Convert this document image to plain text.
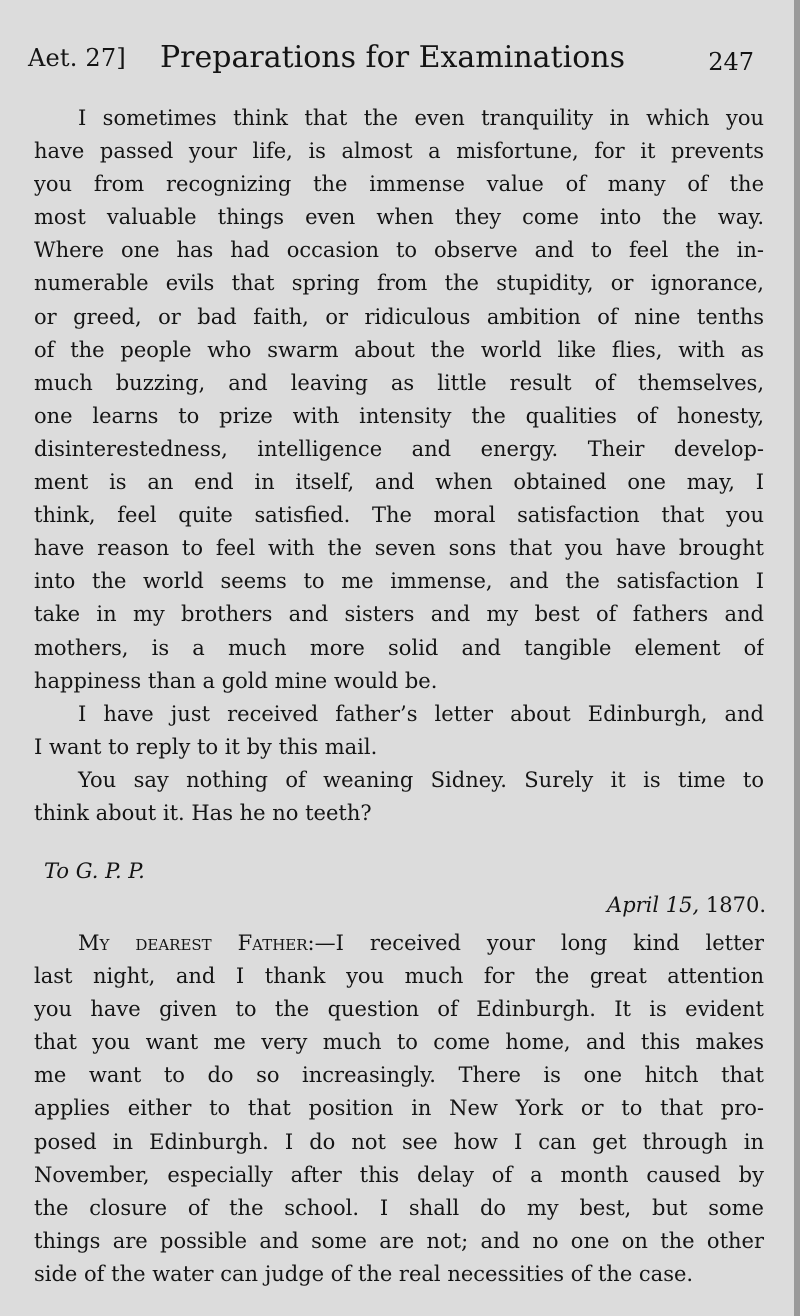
Aet. 27] Preparations for Examinations	247
I sometimes think that the even tranquility in which you
have passed your life, is almost a misfortune, for it prevents
you from recognizing the immense value of many of the
most valuable things even when they come into the way.
Where one has had occasion to observe and to feel the in-
numerable evils that spring from the stupidity, or ignorance,
or greed, or bad faith, or ridiculous ambition of nine tenths
of the people who swarm about the world like flies, with as
much buzzing, and leaving as little result of themselves,
one learns to prize with intensity the qualities of honesty,
disinterestedness, intelligence and energy. Their develop-
ment is an end in itself, and when obtained one may, I
think, feel quite satisfied. The moral satisfaction that you
have reason to feel with the seven sons that you have brought
into the world seems to me immense, and the satisfaction I
take in my brothers and sisters and my best of fathers and
mothers, is a much more solid and tangible element of
happiness than a gold mine would be.
I have just received father’s letter about Edinburgh, and
I want to reply to it by this mail.
You say nothing of weaning Sidney. Surely it is time to
think about it. Has he no teeth?
To G. P. P.
April 15, 1870.
My dearest Father:—I received your long kind letter
last night, and I thank you much for the great attention
you have given to the question of Edinburgh. It is evident
that you want me very much to come home, and this makes
me want to do so increasingly. There is one hitch that
applies either to that position in New York or to that pro-
posed in Edinburgh. I do not see how I can get through in
November, especially after this delay of a month caused by
the closure of the school. I shall do my best, but some
things are possible and some are not; and no one on the other
side of the water can judge of the real necessities of the case.
